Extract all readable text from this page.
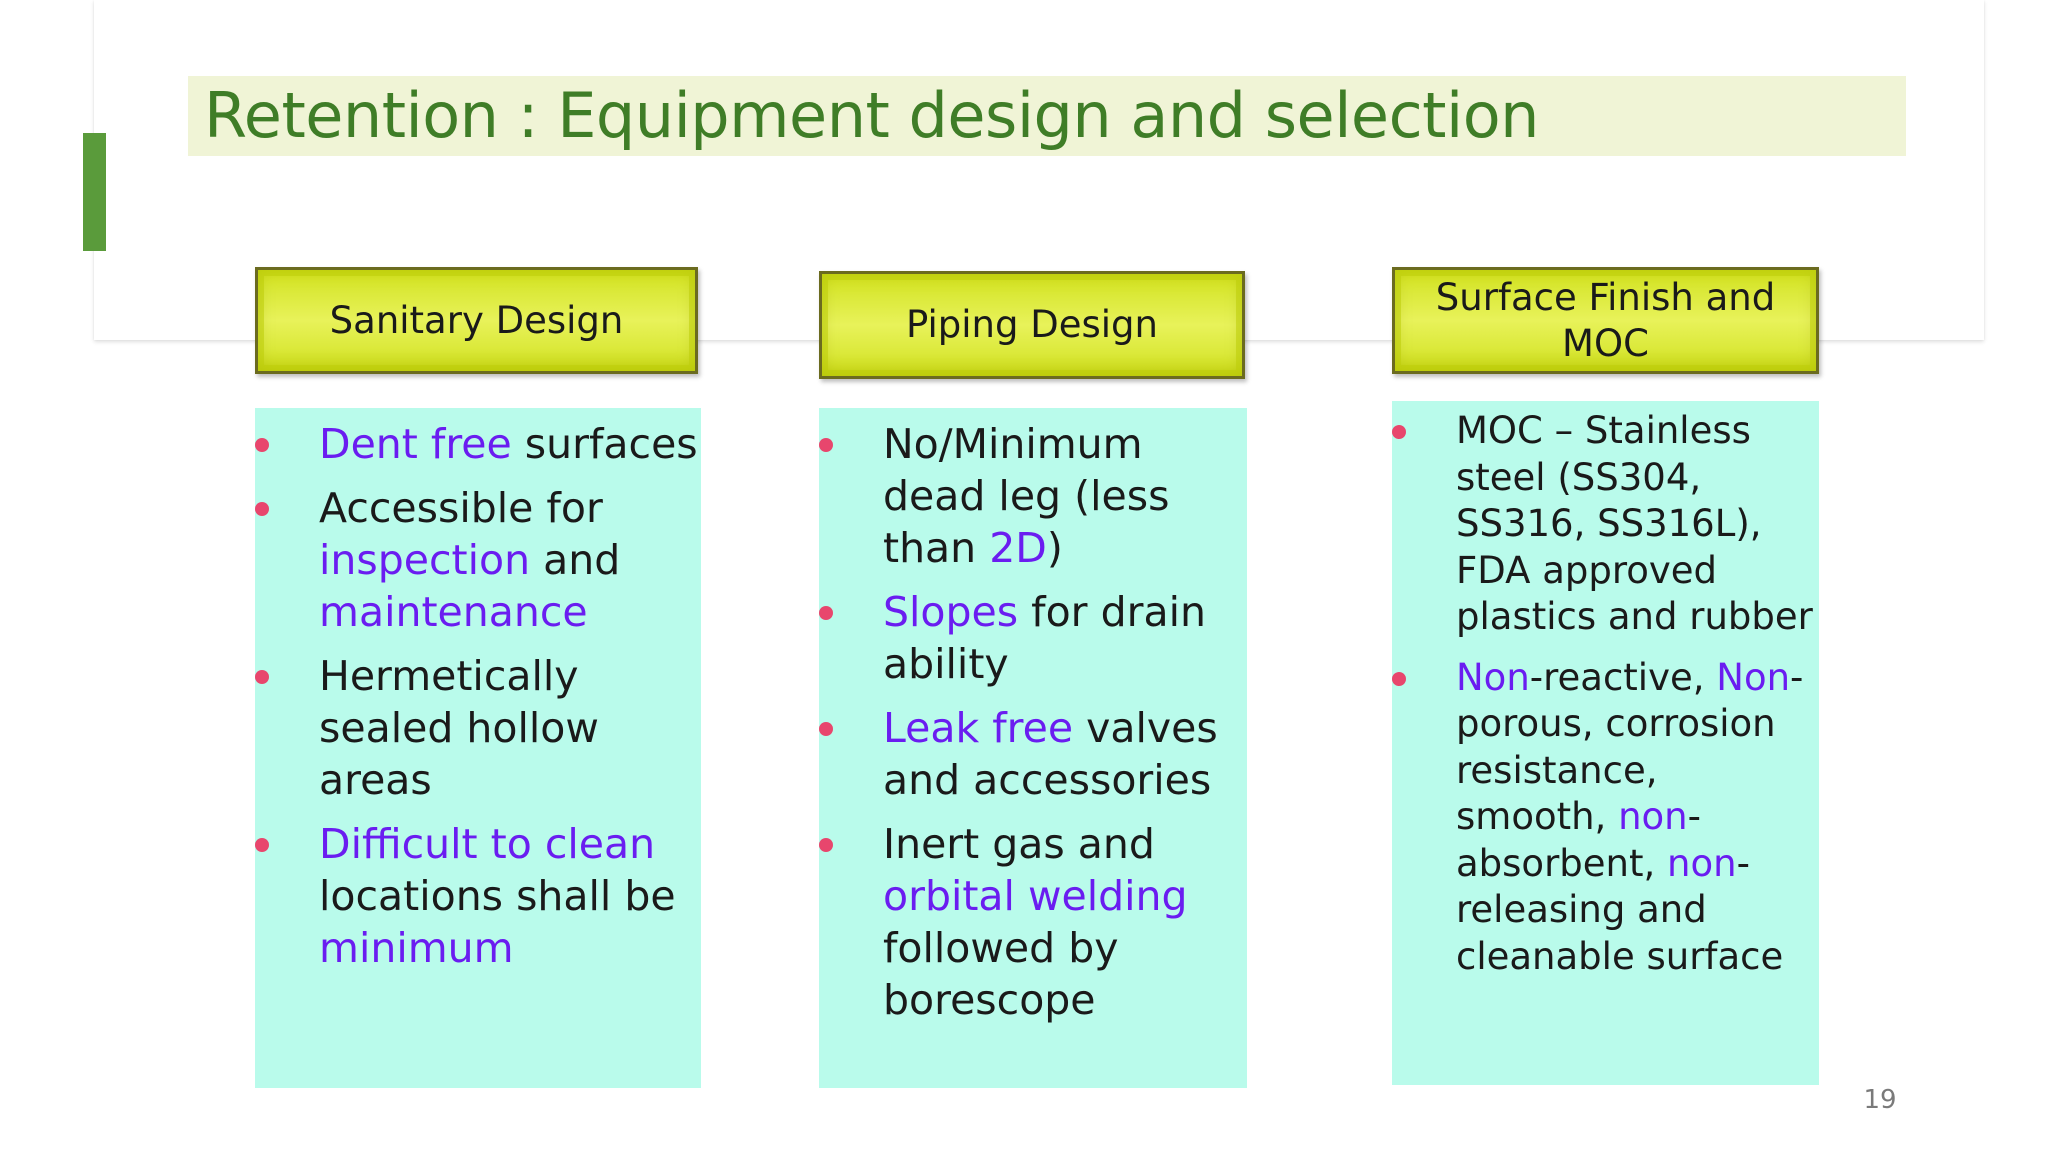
Retention : Equipment design and selection
Sanitary Design	Piping Design
Surface Finish and MOC
Dent free surfaces
Accessible for inspection and maintenance
Hermetically sealed hollow areas
Difficult to clean locations shall be minimum
No/Minimum dead leg (less than 2D)
Slopes for drain ability
Leak free valves and accessories
Inert gas and orbital welding followed by borescope
MOC – Stainless steel (SS304, SS316, SS316L), FDA approved plastics and rubber
Non-reactive, Non-porous, corrosion resistance, smooth, non-absorbent, non-releasing and cleanable surface
19
